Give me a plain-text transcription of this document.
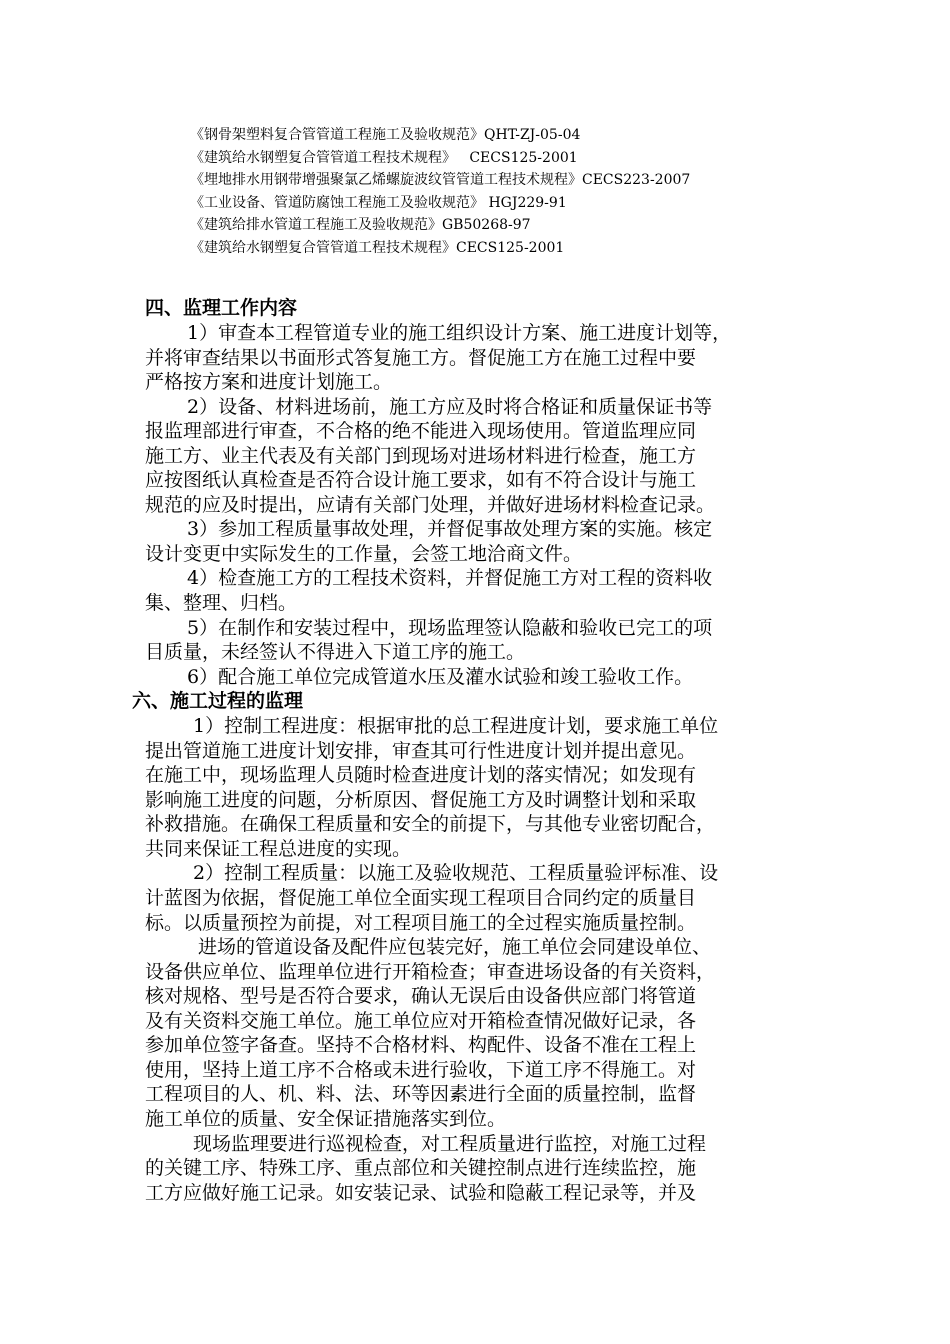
《钢骨架塑料复合管管道工程施工及验收规范》QHT-ZJ-05-04
《建筑给水钢塑复合管管道工程技术规程》   CECS125-2001
《埋地排水用钢带增强聚氯乙烯螺旋波纹管管道工程技术规程》CECS223-2007
《工业设备、管道防腐蚀工程施工及验收规范》 HGJ229-91
《建筑给排水管道工程施工及验收规范》GB50268-97
《建筑给水钢塑复合管管道工程技术规程》CECS125-2001
四、监理工作内容
1）审查本工程管道专业的施工组织设计方案、施工进度计划等，
并将审查结果以书面形式答复施工方。督促施工方在施工过程中要
严格按方案和进度计划施工。
2）设备、材料进场前，施工方应及时将合格证和质量保证书等
报监理部进行审查，不合格的绝不能进入现场使用。管道监理应同
施工方、业主代表及有关部门到现场对进场材料进行检查，施工方
应按图纸认真检查是否符合设计施工要求，如有不符合设计与施工
规范的应及时提出，应请有关部门处理，并做好进场材料检查记录。
3）参加工程质量事故处理，并督促事故处理方案的实施。核定
设计变更中实际发生的工作量，会签工地洽商文件。
4）检查施工方的工程技术资料，并督促施工方对工程的资料收
集、整理、归档。
5）在制作和安装过程中，现场监理签认隐蔽和验收已完工的项
目质量，未经签认不得进入下道工序的施工。
6）配合施工单位完成管道水压及灌水试验和竣工验收工作。
六、施工过程的监理
1）控制工程进度：根据审批的总工程进度计划，要求施工单位
提出管道施工进度计划安排，审查其可行性进度计划并提出意见。
在施工中，现场监理人员随时检查进度计划的落实情况；如发现有
影响施工进度的问题，分析原因、督促施工方及时调整计划和采取
补救措施。在确保工程质量和安全的前提下，与其他专业密切配合，
共同来保证工程总进度的实现。
2）控制工程质量：以施工及验收规范、工程质量验评标准、设
计蓝图为依据，督促施工单位全面实现工程项目合同约定的质量目
标。以质量预控为前提，对工程项目施工的全过程实施质量控制。
进场的管道设备及配件应包装完好，施工单位会同建设单位、
设备供应单位、监理单位进行开箱检查；审查进场设备的有关资料，
核对规格、型号是否符合要求，确认无误后由设备供应部门将管道
及有关资料交施工单位。施工单位应对开箱检查情况做好记录，各
参加单位签字备查。坚持不合格材料、构配件、设备不准在工程上
使用，坚持上道工序不合格或未进行验收，下道工序不得施工。对
工程项目的人、机、料、法、环等因素进行全面的质量控制，监督
施工单位的质量、安全保证措施落实到位。
现场监理要进行巡视检查，对工程质量进行监控，对施工过程
的关键工序、特殊工序、重点部位和关键控制点进行连续监控，施
工方应做好施工记录。如安装记录、试验和隐蔽工程记录等，并及
